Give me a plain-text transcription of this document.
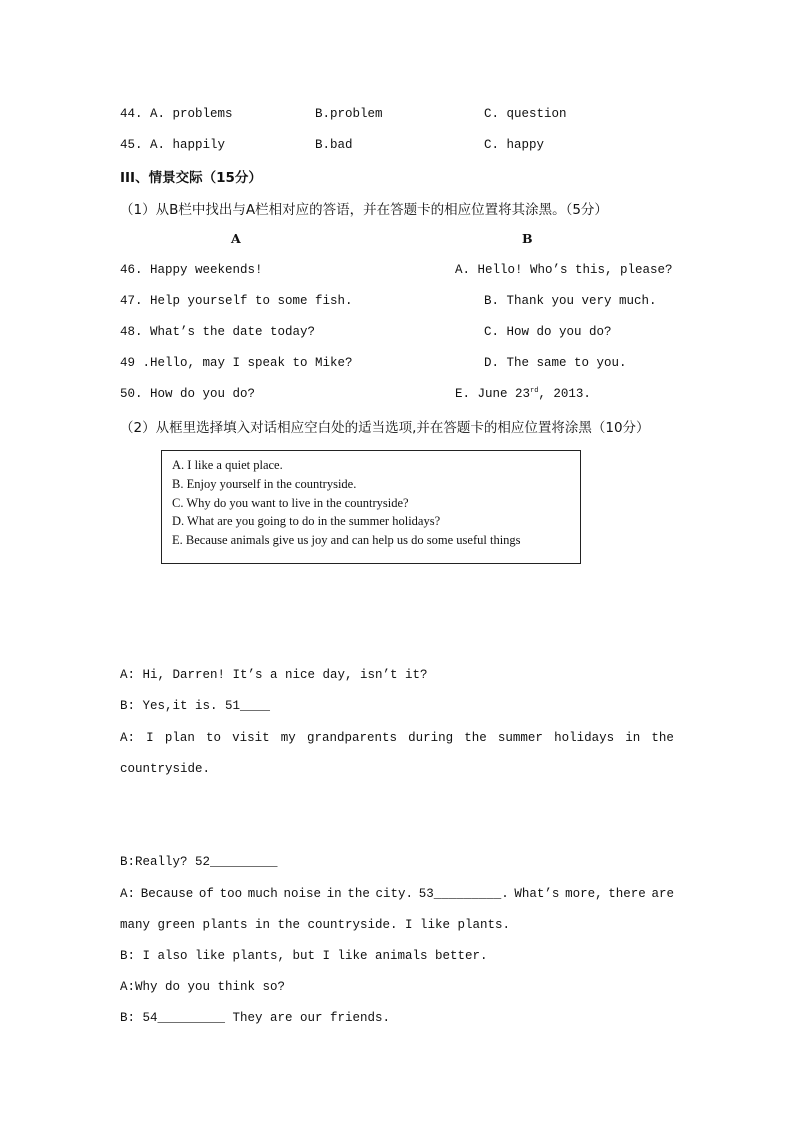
44. A. problems	B.problem	C. question
45. A. happily	B.bad	C. happy
III、情景交际（15分）
（1）从B栏中找出与A栏相对应的答语，并在答题卡的相应位置将其涂黑。（5分）
A	B
46. Happy weekends!	A. Hello! Who’s this, please?
47. Help yourself to some fish.	B. Thank you very much.
48. What’s the date today?	C. How do you do?
49 .Hello, may I speak to Mike?	D. The same to you.
50. How do you do?	E. June 23rd, 2013.
（2）从框里选择填入对话相应空白处的适当选项,并在答题卡的相应位置将涂黑（10分）
A. I like a quiet place.
B. Enjoy yourself in the countryside.
C. Why do you want to live in the countryside?
D. What are you going to do in the summer holidays?
E. Because animals give us joy and can help us do some useful things
A: Hi, Darren! It’s a nice day, isn’t it?
B: Yes,it is. 51____
A: I plan to visit my grandparents during the summer holidays in the
countryside.
B:Really? 52_________
A: Because of too much noise in the city. 53_________. What’s more, there are
many green plants in the countryside. I like plants.
B: I also like plants, but I like animals better.
A:Why do you think so?
B: 54_________ They are our friends.
